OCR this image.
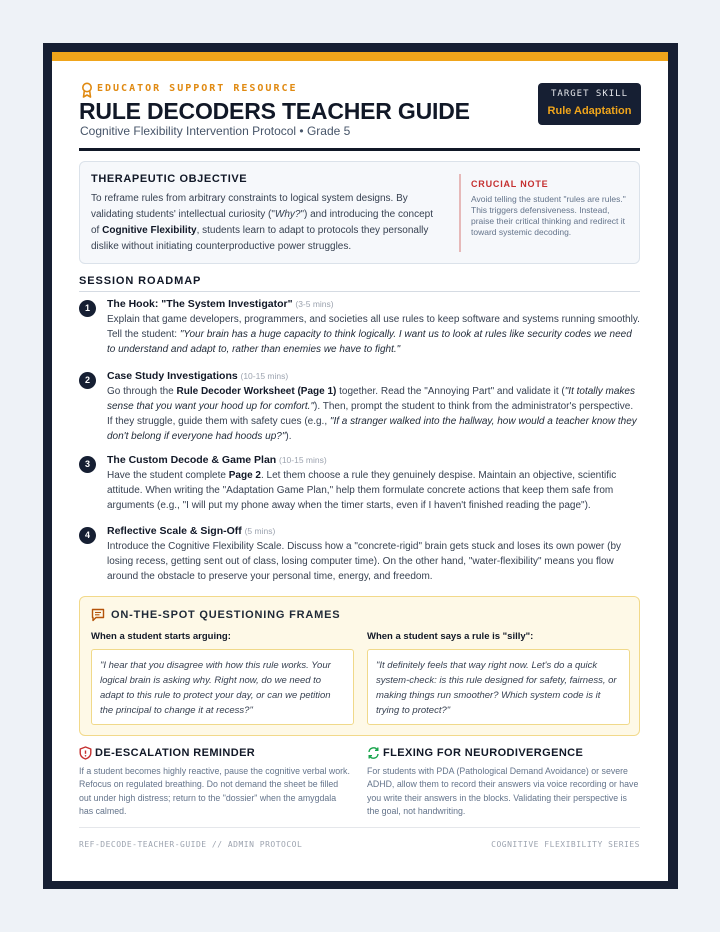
EDUCATOR SUPPORT RESOURCE
RULE DECODERS TEACHER GUIDE
Cognitive Flexibility Intervention Protocol • Grade 5
TARGET SKILL
Rule Adaptation
THERAPEUTIC OBJECTIVE
To reframe rules from arbitrary constraints to logical system designs. By validating students' intellectual curiosity ("Why?") and introducing the concept of Cognitive Flexibility, students learn to adapt to protocols they personally dislike without initiating counterproductive power struggles.
CRUCIAL NOTE
Avoid telling the student "rules are rules." This triggers defensiveness. Instead, praise their critical thinking and redirect it toward systemic decoding.
SESSION ROADMAP
1	The Hook: "The System Investigator" (3-5 mins)
Explain that game developers, programmers, and societies all use rules to keep software and systems running smoothly. Tell the student: "Your brain has a huge capacity to think logically. I want us to look at rules like security codes we need to understand and adapt to, rather than enemies we have to fight."
2	Case Study Investigations (10-15 mins)
Go through the Rule Decoder Worksheet (Page 1) together. Read the "Annoying Part" and validate it ("It totally makes sense that you want your hood up for comfort."). Then, prompt the student to think from the administrator's perspective. If they struggle, guide them with safety cues (e.g., "If a stranger walked into the hallway, how would a teacher know they don't belong if everyone had hoods up?").
3	The Custom Decode & Game Plan (10-15 mins)
Have the student complete Page 2. Let them choose a rule they genuinely despise. Maintain an objective, scientific attitude. When writing the "Adaptation Game Plan," help them formulate concrete actions that keep them safe from arguments (e.g., "I will put my phone away when the timer starts, even if I haven't finished reading the page").
4	Reflective Scale & Sign-Off (5 mins)
Introduce the Cognitive Flexibility Scale. Discuss how a "concrete-rigid" brain gets stuck and loses its own power (by losing recess, getting sent out of class, losing computer time). On the other hand, "water-flexibility" means you flow around the obstacle to preserve your personal time, energy, and freedom.
ON-THE-SPOT QUESTIONING FRAMES
When a student starts arguing:	When a student says a rule is "silly":
"I hear that you disagree with how this rule works. Your logical brain is asking why. Right now, do we need to adapt to this rule to protect your day, or can we petition the principal to change it at recess?"
"It definitely feels that way right now. Let's do a quick system-check: is this rule designed for safety, fairness, or making things run smoother? Which system code is it trying to protect?"
DE-ESCALATION REMINDER
If a student becomes highly reactive, pause the cognitive verbal work. Refocus on regulated breathing. Do not demand the sheet be filled out under high distress; return to the "dossier" when the amygdala has calmed.
FLEXING FOR NEURODIVERGENCE
For students with PDA (Pathological Demand Avoidance) or severe ADHD, allow them to record their answers via voice recording or have you write their answers in the blocks. Validating their perspective is the goal, not handwriting.
REF-DECODE-TEACHER-GUIDE // ADMIN PROTOCOL	COGNITIVE FLEXIBILITY SERIES
